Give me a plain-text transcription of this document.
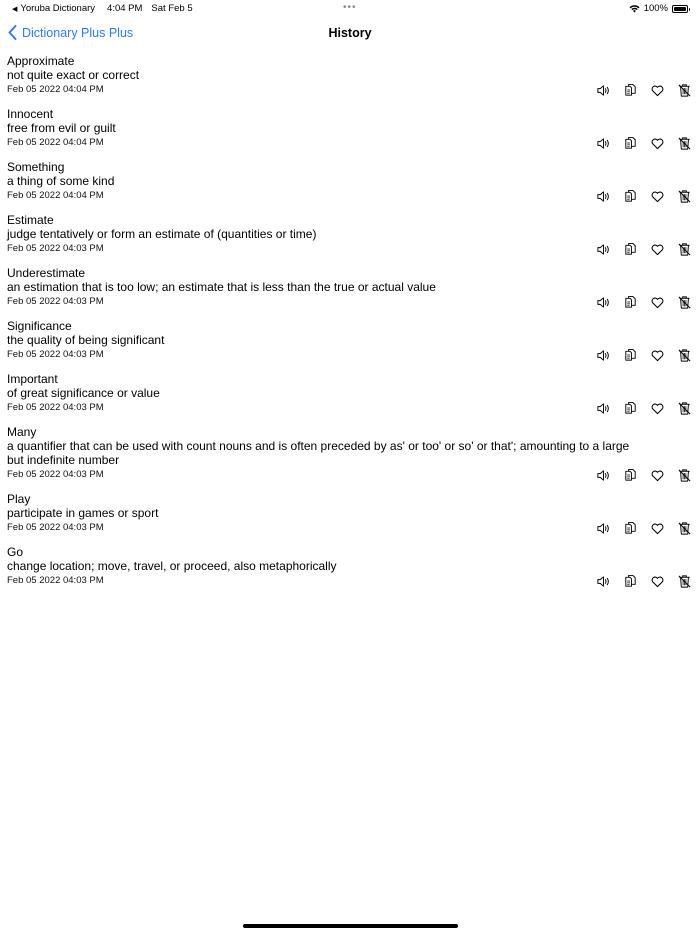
◀ Yoruba Dictionary 4:04 PM Sat Feb 5	•••	100%
Dictionary Plus Plus	History
Approximate
not quite exact or correct
Feb 05 2022 04:04 PM
Innocent
free from evil or guilt
Feb 05 2022 04:04 PM
Something
a thing of some kind
Feb 05 2022 04:04 PM
Estimate
judge tentatively or form an estimate of (quantities or time)
Feb 05 2022 04:03 PM
Underestimate
an estimation that is too low; an estimate that is less than the true or actual value
Feb 05 2022 04:03 PM
Significance
the quality of being significant
Feb 05 2022 04:03 PM
Important
of great significance or value
Feb 05 2022 04:03 PM
Many
a quantifier that can be used with count nouns and is often preceded by as' or too' or so' or that'; amounting to a large but indefinite number
Feb 05 2022 04:03 PM
Play
participate in games or sport
Feb 05 2022 04:03 PM
Go
change location; move, travel, or proceed, also metaphorically
Feb 05 2022 04:03 PM
